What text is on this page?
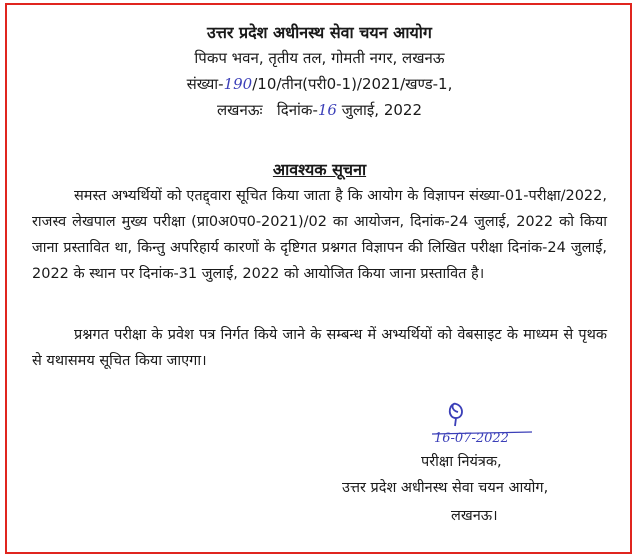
उत्तर प्रदेश अधीनस्थ सेवा चयन आयोग
पिकप भवन, तृतीय तल, गोमती नगर, लखनऊ
संख्या-190/10/तीन(परी0-1)/2021/खण्ड-1,
लखनऊः   दिनांक-16 जुलाई, 2022
आवश्यक सूचना

समस्त अभ्यर्थियों को एतद्द्वारा सूचित किया जाता है कि आयोग के विज्ञापन संख्या-01-परीक्षा/2022, राजस्व लेखपाल मुख्य परीक्षा (प्रा0अ0प0-2021)/02 का आयोजन, दिनांक-24 जुलाई, 2022 को किया जाना प्रस्तावित था, किन्तु अपरिहार्य कारणों के दृष्टिगत प्रश्नगत विज्ञापन की लिखित परीक्षा दिनांक-24 जुलाई, 2022 के स्थान पर दिनांक-31 जुलाई, 2022 को आयोजित किया जाना प्रस्तावित है।

प्रश्नगत परीक्षा के प्रवेश पत्र निर्गत किये जाने के सम्बन्ध में अभ्यर्थियों को वेबसाइट के माध्यम से पृथक से यथासमय सूचित किया जाएगा।

16-07-2022
परीक्षा नियंत्रक,
उत्तर प्रदेश अधीनस्थ सेवा चयन आयोग,
लखनऊ।
